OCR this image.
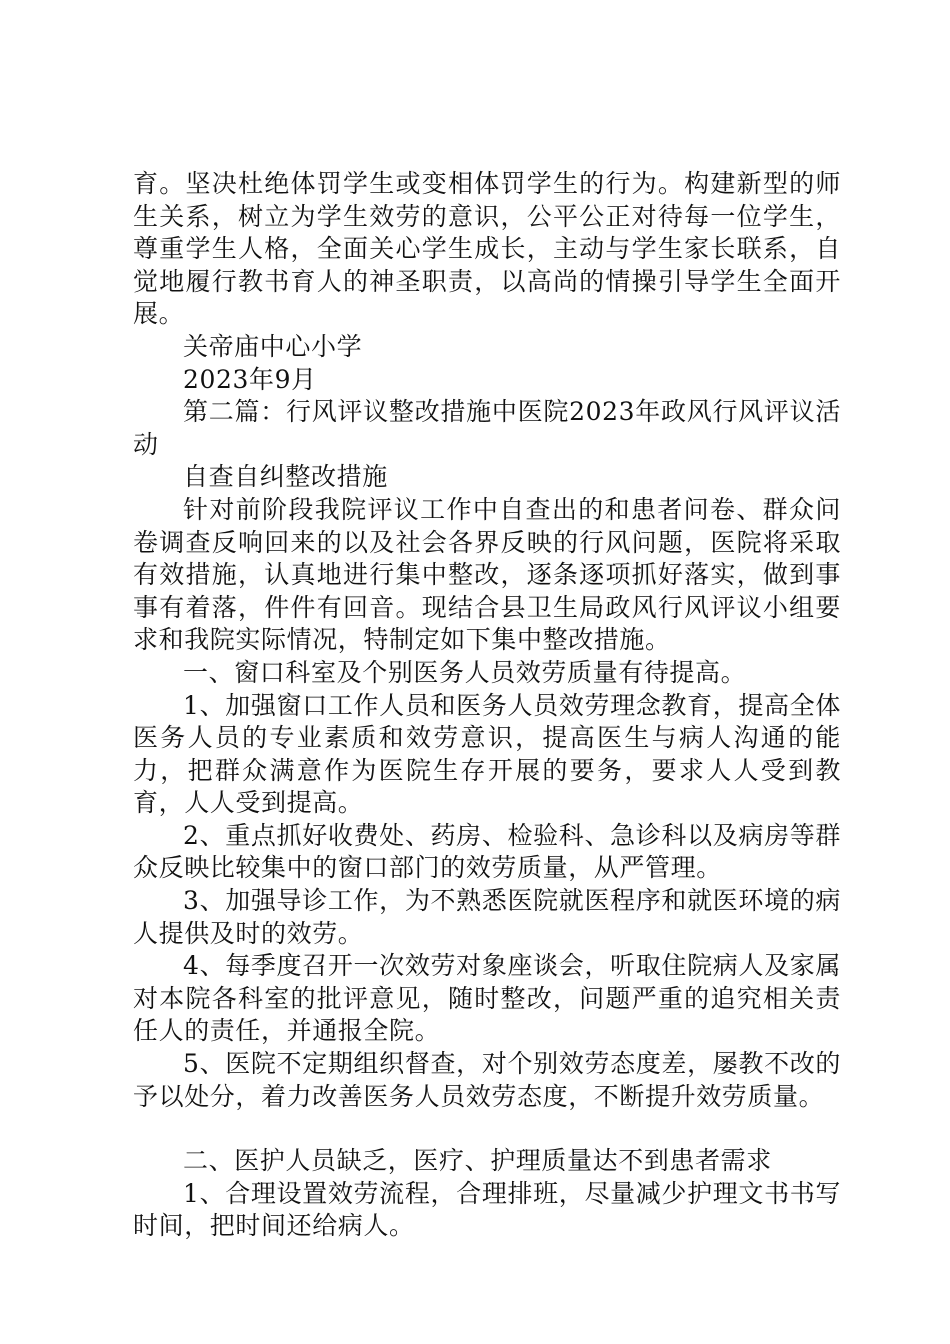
育。坚决杜绝体罚学生或变相体罚学生的行为。构建新型的师生关系，树立为学生效劳的意识，公平公正对待每一位学生，尊重学生人格，全面关心学生成长，主动与学生家长联系，自觉地履行教书育人的神圣职责，以高尚的情操引导学生全面开展。

关帝庙中心小学

2023年9月

第二篇：行风评议整改措施中医院2023年政风行风评议活动

自查自纠整改措施

针对前阶段我院评议工作中自查出的和患者问卷、群众问卷调查反响回来的以及社会各界反映的行风问题，医院将采取有效措施，认真地进行集中整改，逐条逐项抓好落实，做到事事有着落，件件有回音。现结合县卫生局政风行风评议小组要求和我院实际情况，特制定如下集中整改措施。

一、窗口科室及个别医务人员效劳质量有待提高。

1、加强窗口工作人员和医务人员效劳理念教育，提高全体医务人员的专业素质和效劳意识，提高医生与病人沟通的能力，把群众满意作为医院生存开展的要务，要求人人受到教育，人人受到提高。

2、重点抓好收费处、药房、检验科、急诊科以及病房等群众反映比较集中的窗口部门的效劳质量，从严管理。

3、加强导诊工作，为不熟悉医院就医程序和就医环境的病人提供及时的效劳。

4、每季度召开一次效劳对象座谈会，听取住院病人及家属对本院各科室的批评意见，随时整改，问题严重的追究相关责任人的责任，并通报全院。

5、医院不定期组织督查，对个别效劳态度差，屡教不改的予以处分，着力改善医务人员效劳态度，不断提升效劳质量。

二、医护人员缺乏，医疗、护理质量达不到患者需求

1、合理设置效劳流程，合理排班，尽量减少护理文书书写时间，把时间还给病人。
